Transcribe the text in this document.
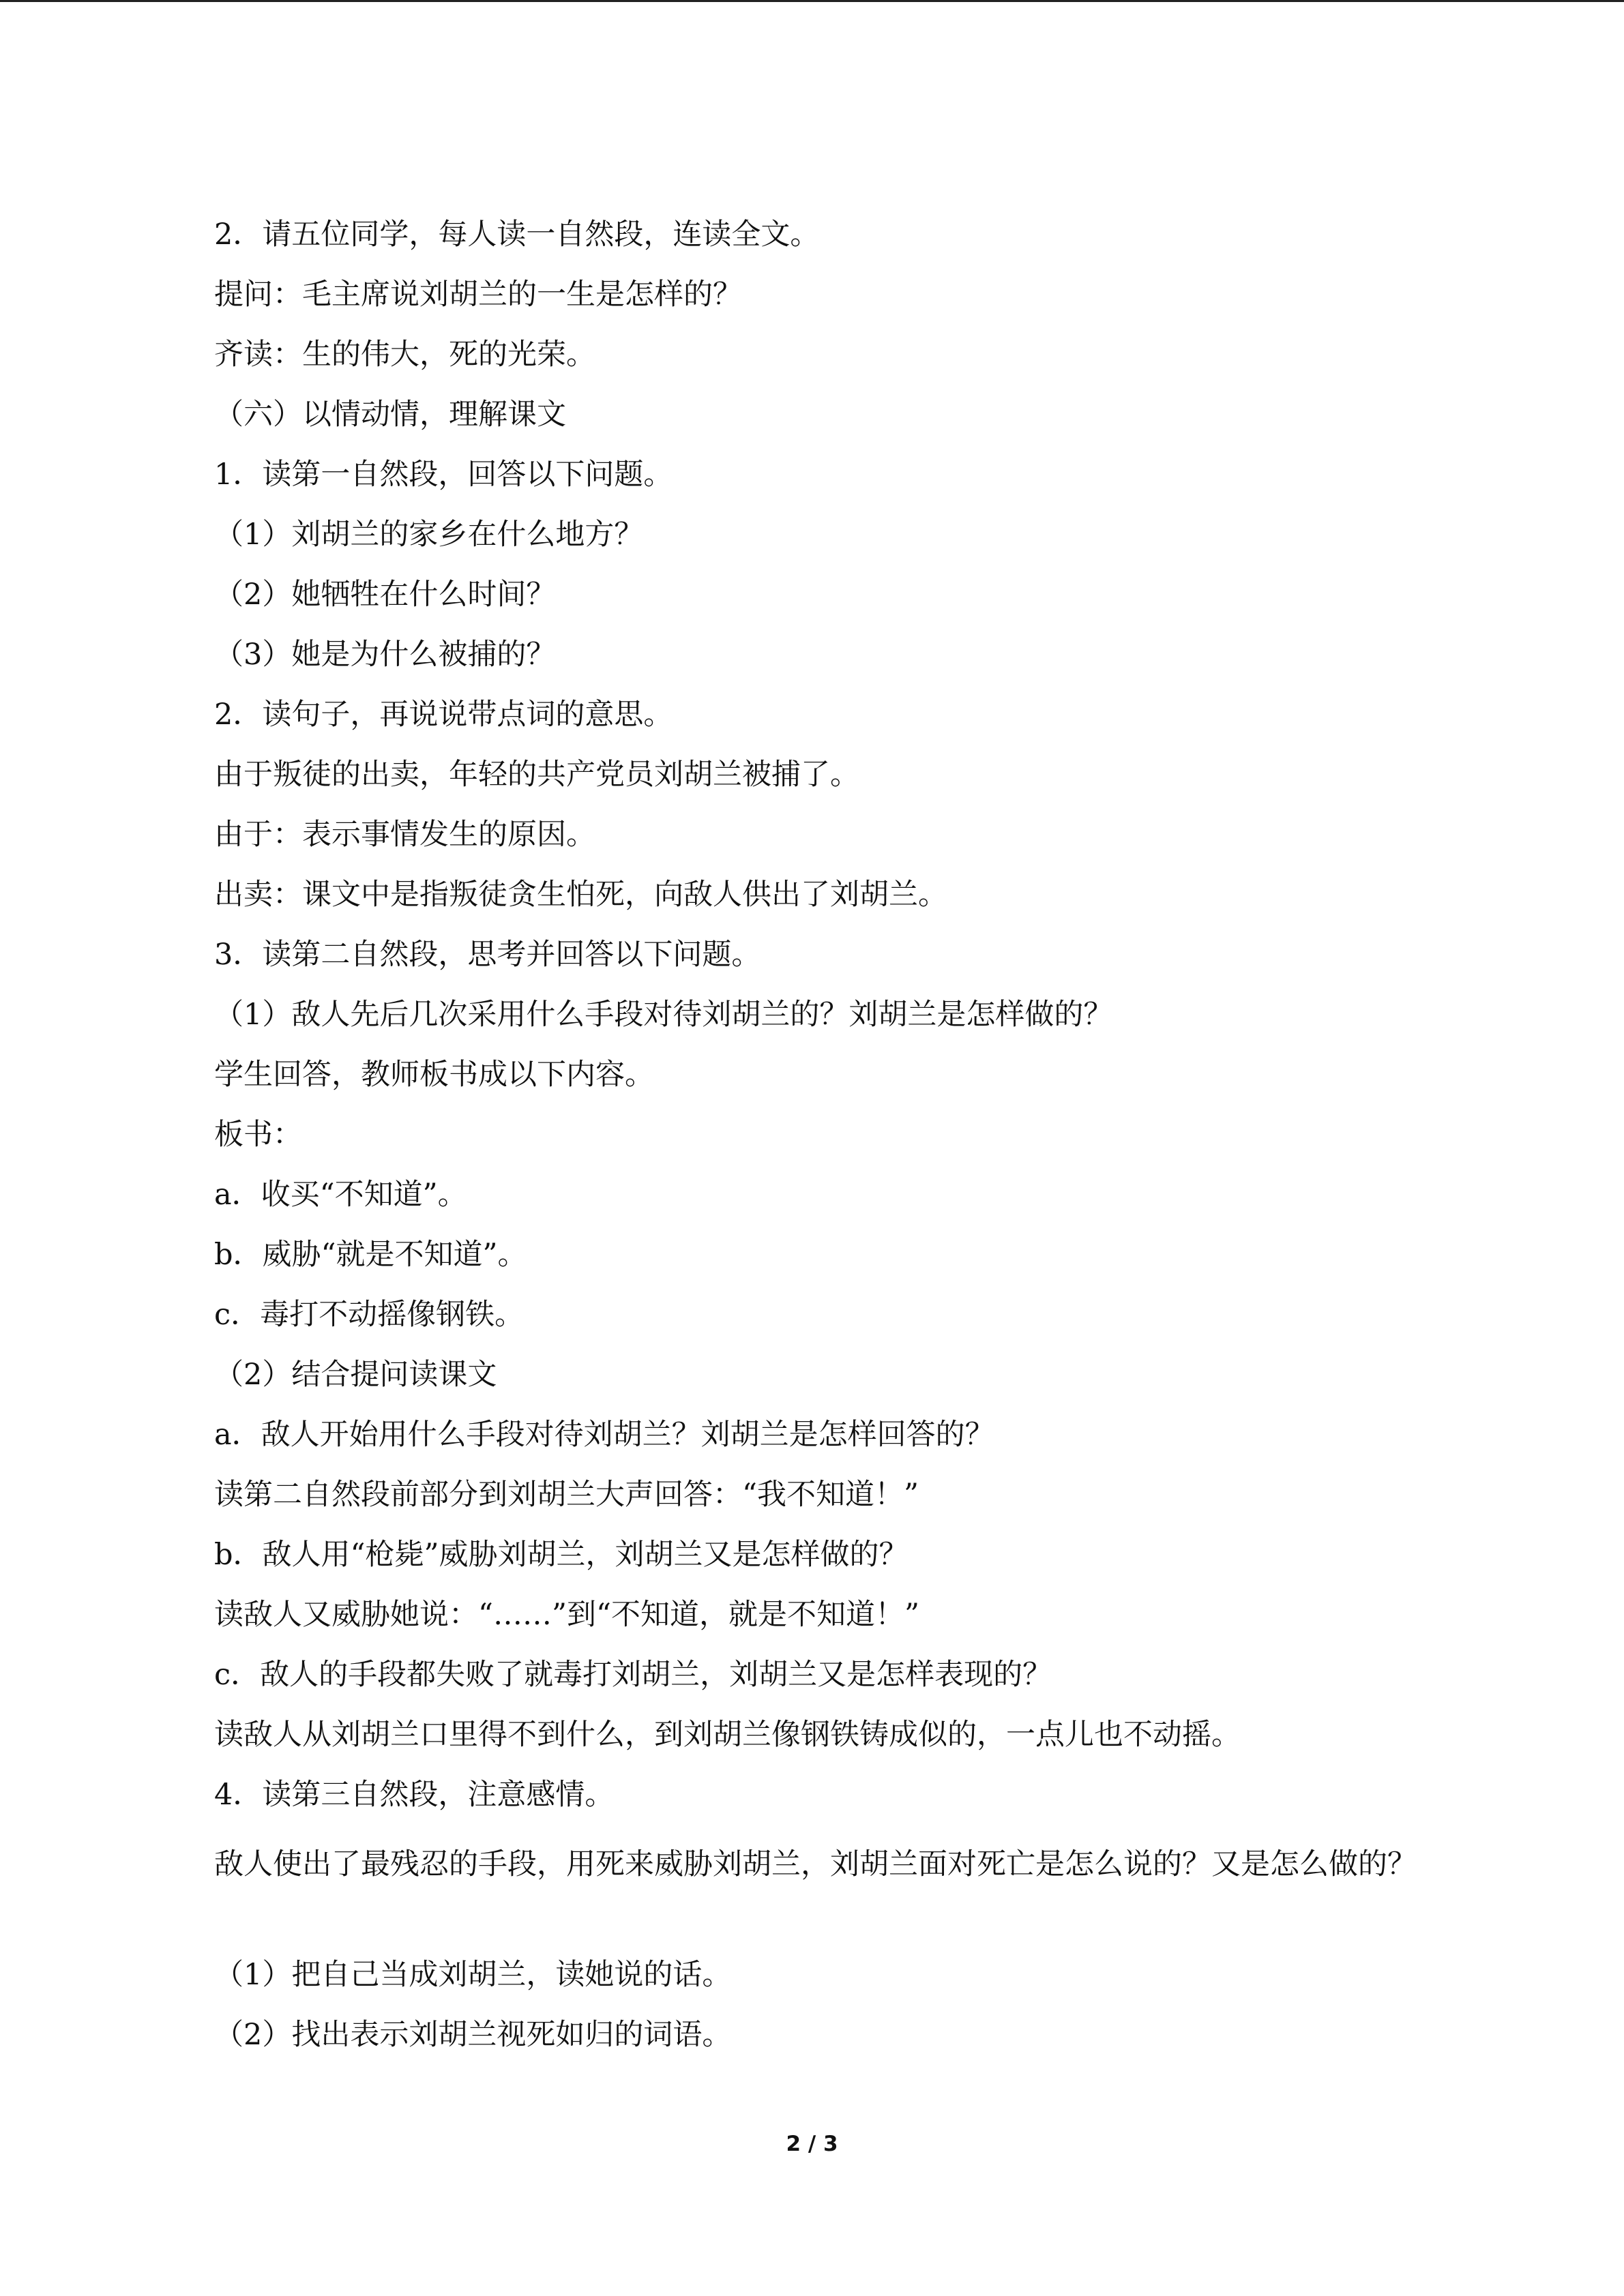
2．请五位同学，每人读一自然段，连读全文。
提问：毛主席说刘胡兰的一生是怎样的？
齐读：生的伟大，死的光荣。
（六）以情动情，理解课文
1．读第一自然段，回答以下问题。
（1）刘胡兰的家乡在什么地方？
（2）她牺牲在什么时间？
（3）她是为什么被捕的？
2．读句子，再说说带点词的意思。
由于叛徒的出卖，年轻的共产党员刘胡兰被捕了。
由于：表示事情发生的原因。
出卖：课文中是指叛徒贪生怕死，向敌人供出了刘胡兰。
3．读第二自然段，思考并回答以下问题。
（1）敌人先后几次采用什么手段对待刘胡兰的？刘胡兰是怎样做的？
学生回答，教师板书成以下内容。
板书：
a．收买“不知道”。
b．威胁“就是不知道”。
c．毒打不动摇像钢铁。
（2）结合提问读课文
a．敌人开始用什么手段对待刘胡兰？刘胡兰是怎样回答的？
读第二自然段前部分到刘胡兰大声回答：“我不知道！”
b．敌人用“枪毙”威胁刘胡兰，刘胡兰又是怎样做的？
读敌人又威胁她说：“……”到“不知道，就是不知道！”
c．敌人的手段都失败了就毒打刘胡兰，刘胡兰又是怎样表现的？
读敌人从刘胡兰口里得不到什么，到刘胡兰像钢铁铸成似的，一点儿也不动摇。
4．读第三自然段，注意感情。
敌人使出了最残忍的手段，用死来威胁刘胡兰，刘胡兰面对死亡是怎么说的？又是怎么做的？
（1）把自己当成刘胡兰，读她说的话。
（2）找出表示刘胡兰视死如归的词语。
2 / 3
